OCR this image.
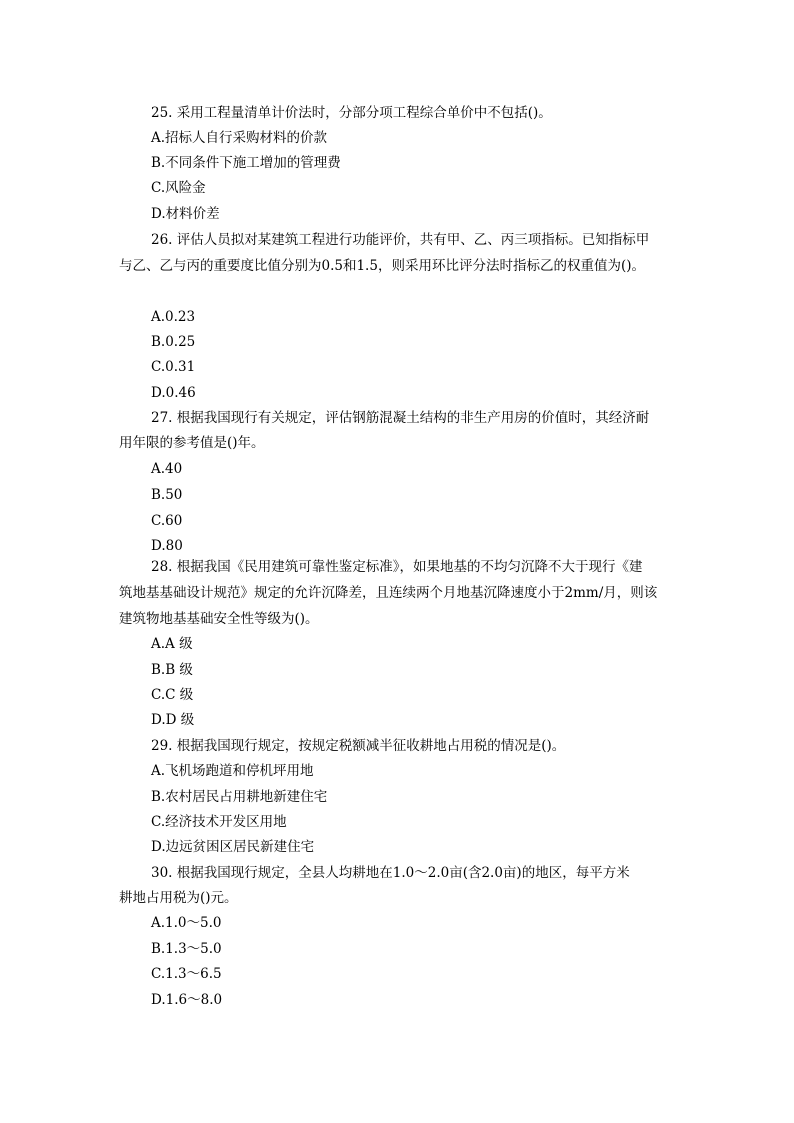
25. 采用工程量清单计价法时，分部分项工程综合单价中不包括()。
A.招标人自行采购材料的价款
B.不同条件下施工增加的管理费
C.风险金
D.材料价差
26. 评估人员拟对某建筑工程进行功能评价，共有甲、乙、丙三项指标。已知指标甲
与乙、乙与丙的重要度比值分别为0.5和1.5，则采用环比评分法时指标乙的权重值为()。
A.0.23
B.0.25
C.0.31
D.0.46
27. 根据我国现行有关规定，评估钢筋混凝土结构的非生产用房的价值时，其经济耐
用年限的参考值是()年。
A.40
B.50
C.60
D.80
28. 根据我国《民用建筑可靠性鉴定标准》，如果地基的不均匀沉降不大于现行《建
筑地基基础设计规范》规定的允许沉降差，且连续两个月地基沉降速度小于2mm/月，则该
建筑物地基基础安全性等级为()。
A.A 级
B.B 级
C.C 级
D.D 级
29. 根据我国现行规定，按规定税额减半征收耕地占用税的情况是()。
A.飞机场跑道和停机坪用地
B.农村居民占用耕地新建住宅
C.经济技术开发区用地
D.边远贫困区居民新建住宅
30. 根据我国现行规定，全县人均耕地在1.0～2.0亩(含2.0亩)的地区，每平方米
耕地占用税为()元。
A.1.0～5.0
B.1.3～5.0
C.1.3～6.5
D.1.6～8.0
